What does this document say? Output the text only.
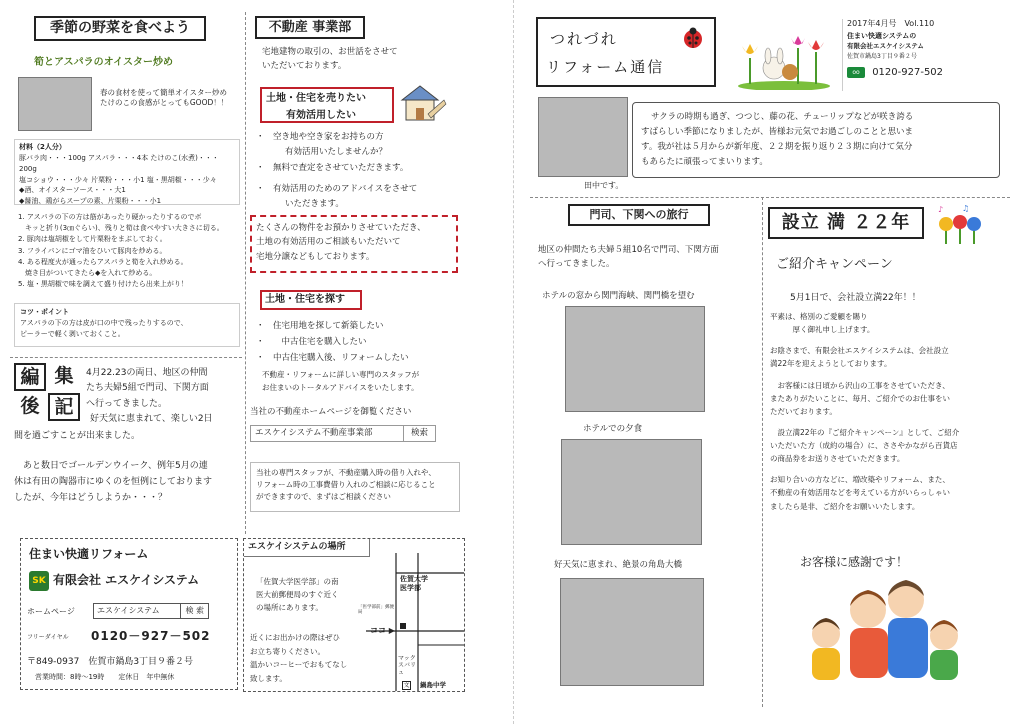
季節の野菜を食べよう
筍とアスパラのオイスター炒め
春の食材を使って簡単オイスター炒め
たけのこの食感がとってもGOOD！！
材料（2人分）
豚バラ肉・・・100g アスパラ・・・4本 たけのこ(水煮)・・・200g
塩コショウ・・・少々 片栗粉・・・小1 塩・黒胡椒・・・少々
◆酒、オイスターソース・・・大1
◆醤油、鶏がらスープの素、片栗粉・・・小1
1. アスパラの下の方は筋があったり硬かったりするのでボ
　キッと折り(3㎝ぐらい)、残りと筍は食べやすい大きさに切る。
2. 豚肉は塩胡椒をして片栗粉をまぶしておく。
3. フライパンにゴマ油をひいて豚肉を炒める。
4. ある程度火が通ったらアスパラと筍を入れ炒める。
　焼き目がついてきたら◆を入れて炒める。
5. 塩・黒胡椒で味を調えて盛り付けたら出来上がり！
コツ・ポイント
アスパラの下の方は皮が口の中で残ったりするので、
ピーラーで軽く剥いておくこと。
編 集
後 記
4月22.23の両日、地区の仲間
たち夫婦5組で門司、下関方面
へ行ってきました。
好天気に恵まれて、楽しい2日
間を過ごすことが出来ました。
　あと数日でゴールデンウイーク、例年5月の連
休は有田の陶器市にゆくのを恒例にしております
したが、今年はどうしようか・・・？
住まい快適リフォーム
SK 有限会社 エスケイシステム
ホームページ	エスケイシステム	検 索
フリーダイヤル 0120－927－502
〒849-0937　佐賀市鍋島3丁目９番２号
営業時間：8時～19時　　定休日　年中無休
不動産 事業部
宅地建物の取引の、お世話をさせて
いただいております。
土地・住宅を売りたい
　　有効活用したい
・　空き地や空き家をお持ちの方
　　有効活用いたしませんか？
・　無料で査定をさせていただきます。
・　有効活用のためのアドバイスをさせて
　　いただきます。
たくさんの物件をお預かりさせていただき、
土地の有効活用のご相談もいただいて
宅地分譲などもしております。
土地・住宅を探す
・　住宅用地を探して新築したい
・　　中古住宅を購入したい
・　中古住宅購入後、リフォームしたい
不動産・リフォームに詳しい専門のスタッフが
お住まいのトータルアドバイスをいたします。
当社の不動産ホームページを御覧ください
エスケイシステム不動産事業部	検索
当社の専門スタッフが、不動産購入時の借り入れや、
リフォーム時の工事費借り入れのご相談に応じること
ができますので、まずはご相談ください
エスケイシステムの場所
「佐賀大学医学部」の南
医大前郵便局のすぐ近く
の場所にあります。
近くにお出かけの際はぜひ
お立ち寄りください。
温かいコーヒーでおもてなし
致します。
佐賀大学
医学部
「医学部前」郵便局
ココ ▶
マックスバリュ
文 鍋島中学
つれづれ
リフォーム通信
2017年4月号　Vol.110
住まい快適システムの
有限会社エスケイシステム
佐賀市鍋島3丁目９番２号
oo 0120-927-502
田中です。
サクラの時期も過ぎ、つつじ、藤の花、チューリップなどが咲き誇る
すばらしい季節になりましたが、皆様お元気でお過ごしのことと思いま
す。我が社は５月からが新年度、２２期を振り返り２３期に向けて気分
もあらたに頑張ってまいります。
門司、下関への旅行
地区の仲間たち夫婦５組10名で門司、下関方面
へ行ってきました。
ホテルの窓から関門海峡、関門橋を望む
ホテルでの夕食
好天気に恵まれ、絶景の角島大橋
設立 満 ２２年
♪ ♫
ご紹介キャンペーン
5月1日で、会社設立満22年！！
平素は、格別のご愛顧を賜り
　　　厚く御礼申し上げます。
お陰さまで、有限会社エスケイシステムは、会社設立
満22年を迎えようとしております。
　お客様には日頃から沢山の工事をさせていただき、
またありがたいことに、毎月、ご紹介でのお仕事をい
ただいております。
　設立満22年の『ご紹介キャンペーン』として、ご紹介
いただいた方（成約の場合）に、ささやかながら百貨店
の商品券をお送りさせていただきます。
お知り合いの方などに、増改築やリフォーム、また、
不動産の有効活用などを考えている方がいらっしゃい
ましたら是非、ご紹介をお願いいたします。
お客様に感謝です！
